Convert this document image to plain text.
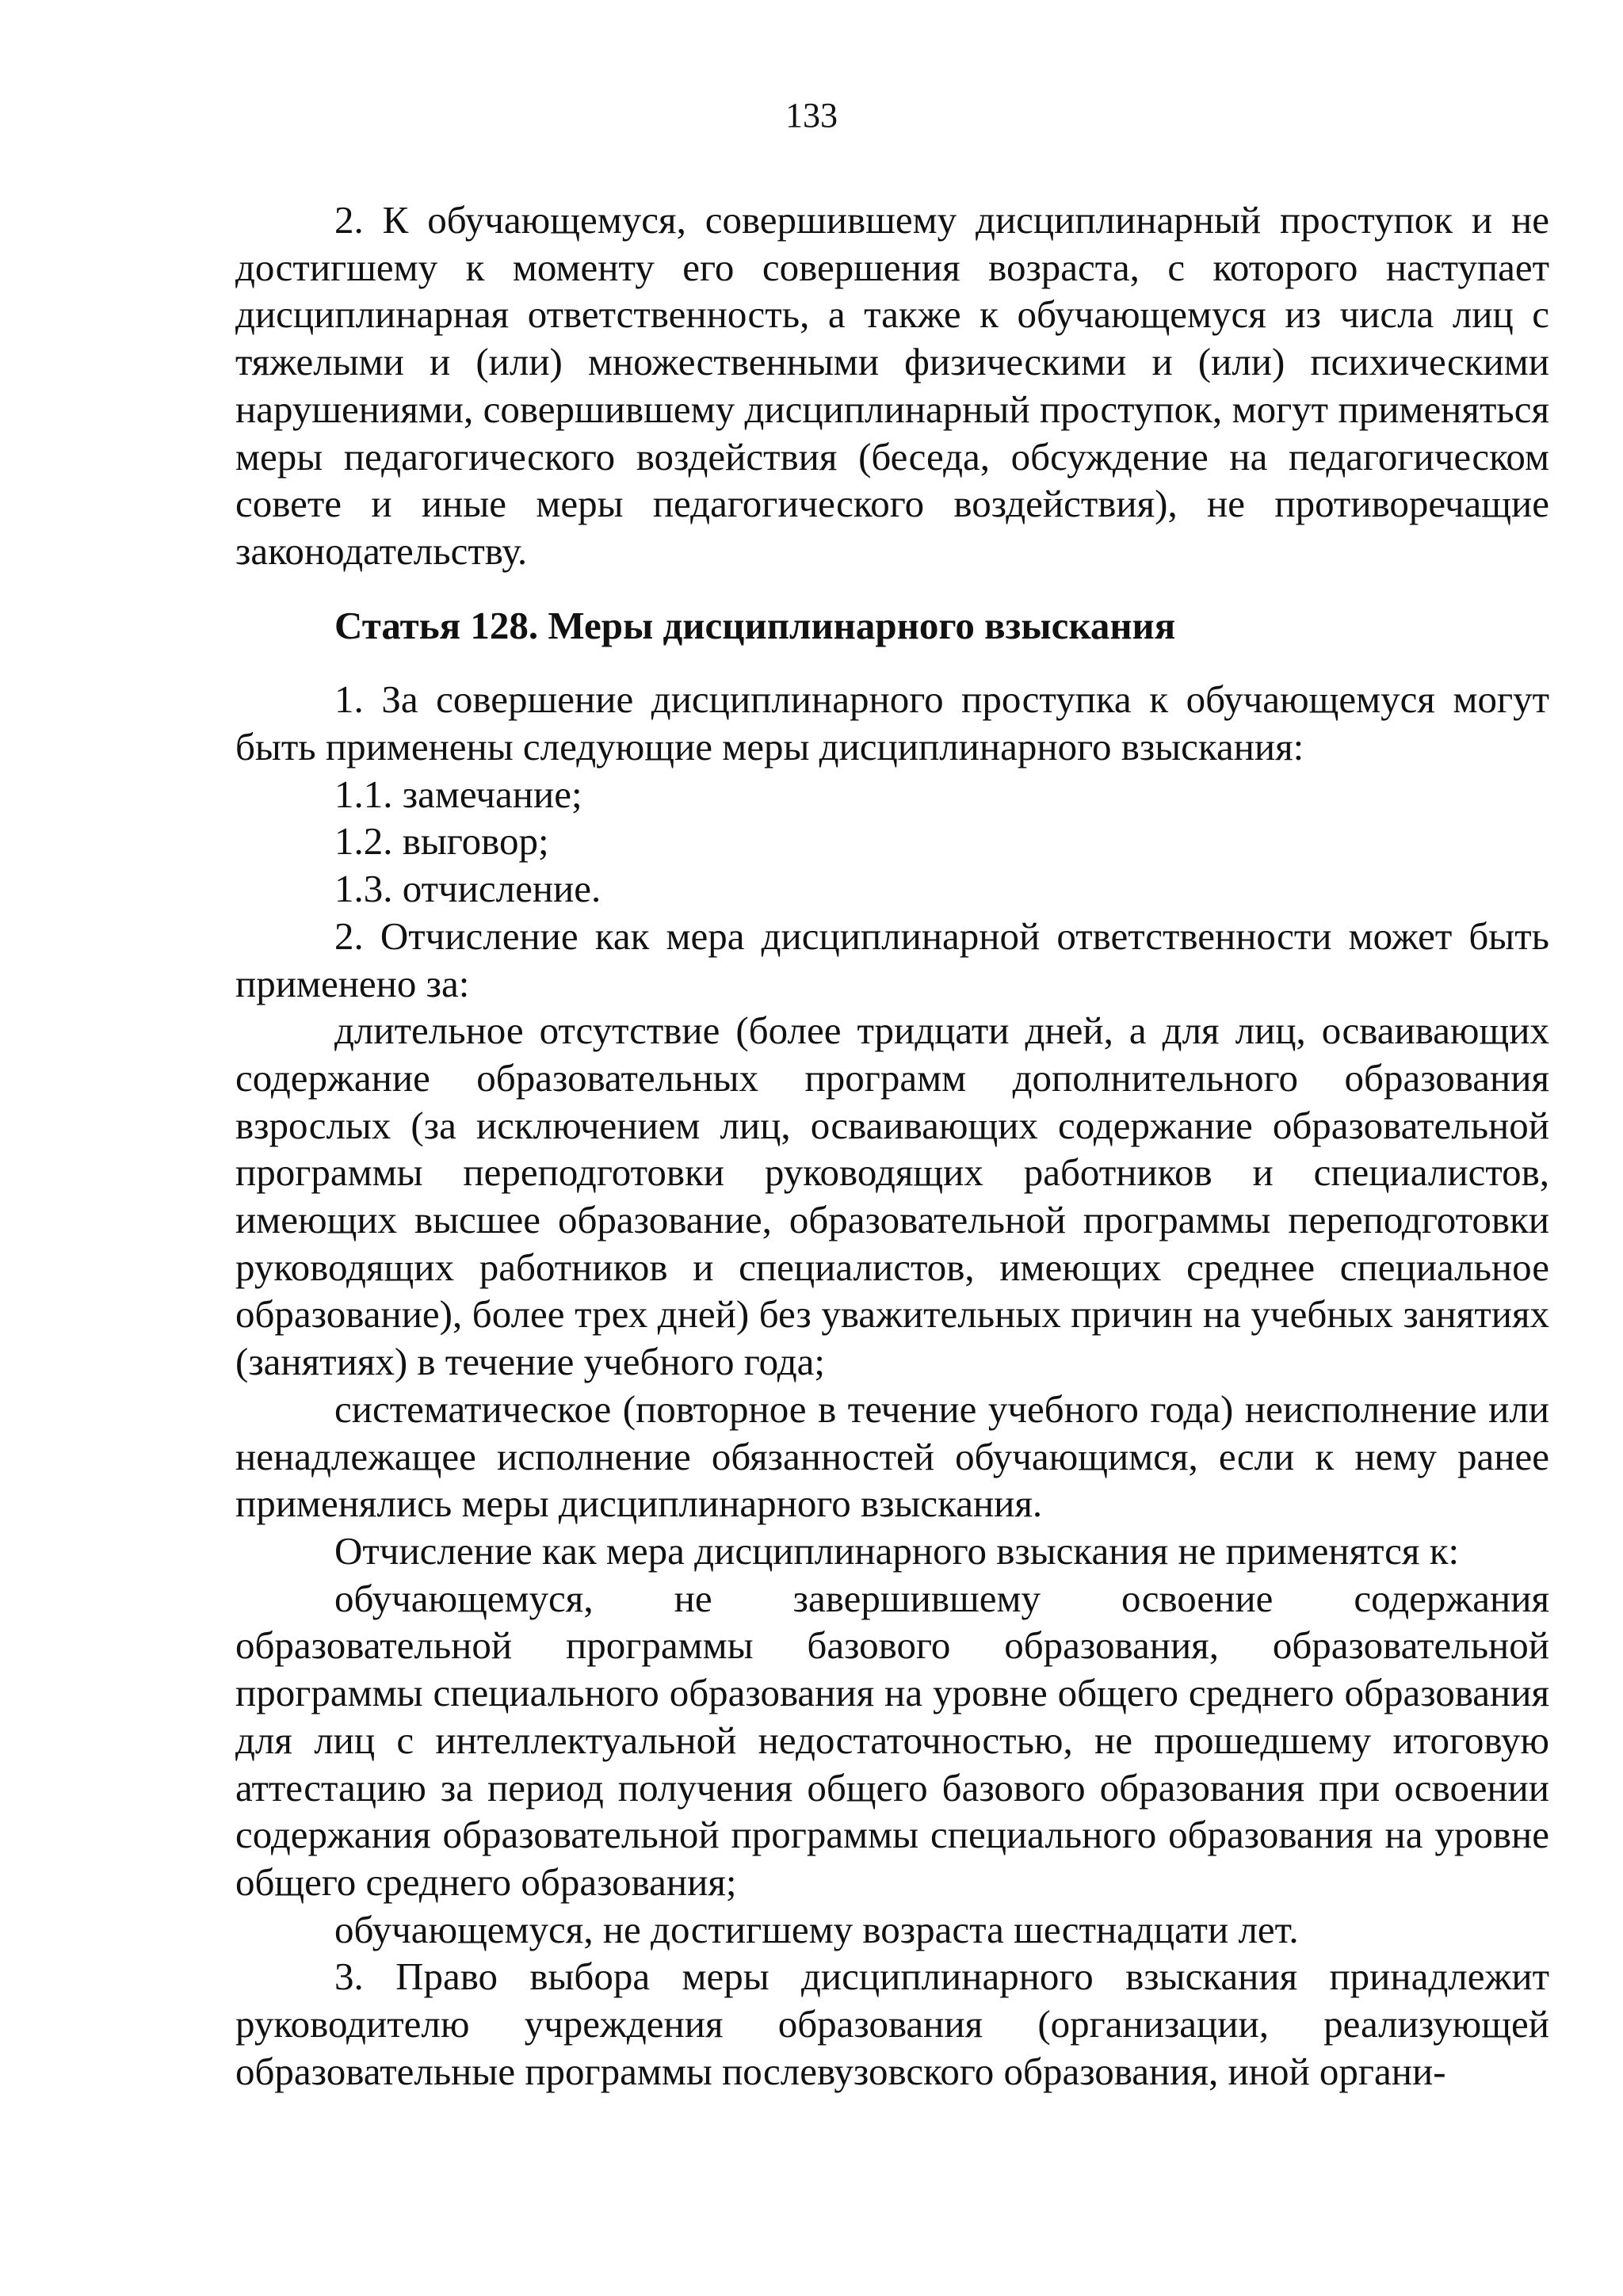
133

2. К обучающемуся, совершившему дисциплинарный проступок и не достигшему к моменту его совершения возраста, с которого наступает дисциплинарная ответственность, а также к обучающемуся из числа лиц с тяжелыми и (или) множественными физическими и (или) психическими нарушениями, совершившему дисциплинарный проступок, могут применяться меры педагогического воздействия (беседа, обсуждение на педагогическом совете и иные меры педагогического воздействия), не противоречащие законодательству.

Статья 128. Меры дисциплинарного взыскания

1. За совершение дисциплинарного проступка к обучающемуся могут быть применены следующие меры дисциплинарного взыскания:

1.1. замечание;

1.2. выговор;

1.3. отчисление.

2. Отчисление как мера дисциплинарной ответственности может быть применено за:

длительное отсутствие (более тридцати дней, а для лиц, осваивающих содержание образовательных программ дополнительного образования взрослых (за исключением лиц, осваивающих содержание образовательной программы переподготовки руководящих работников и специалистов, имеющих высшее образование, образовательной программы переподготовки руководящих работников и специалистов, имеющих среднее специальное образование), более трех дней) без уважительных причин на учебных занятиях (занятиях) в течение учебного года;

систематическое (повторное в течение учебного года) неисполнение или ненадлежащее исполнение обязанностей обучающимся, если к нему ранее применялись меры дисциплинарного взыскания.

Отчисление как мера дисциплинарного взыскания не применятся к:

обучающемуся, не завершившему освоение содержания образовательной программы базового образования, образовательной программы специального образования на уровне общего среднего образования для лиц с интеллектуальной недостаточностью, не прошедшему итоговую аттестацию за период получения общего базового образования при освоении содержания образовательной программы специального образования на уровне общего среднего образования;

обучающемуся, не достигшему возраста шестнадцати лет.

3. Право выбора меры дисциплинарного взыскания принадлежит руководителю учреждения образования (организации, реализующей образовательные программы послевузовского образования, иной органи-
